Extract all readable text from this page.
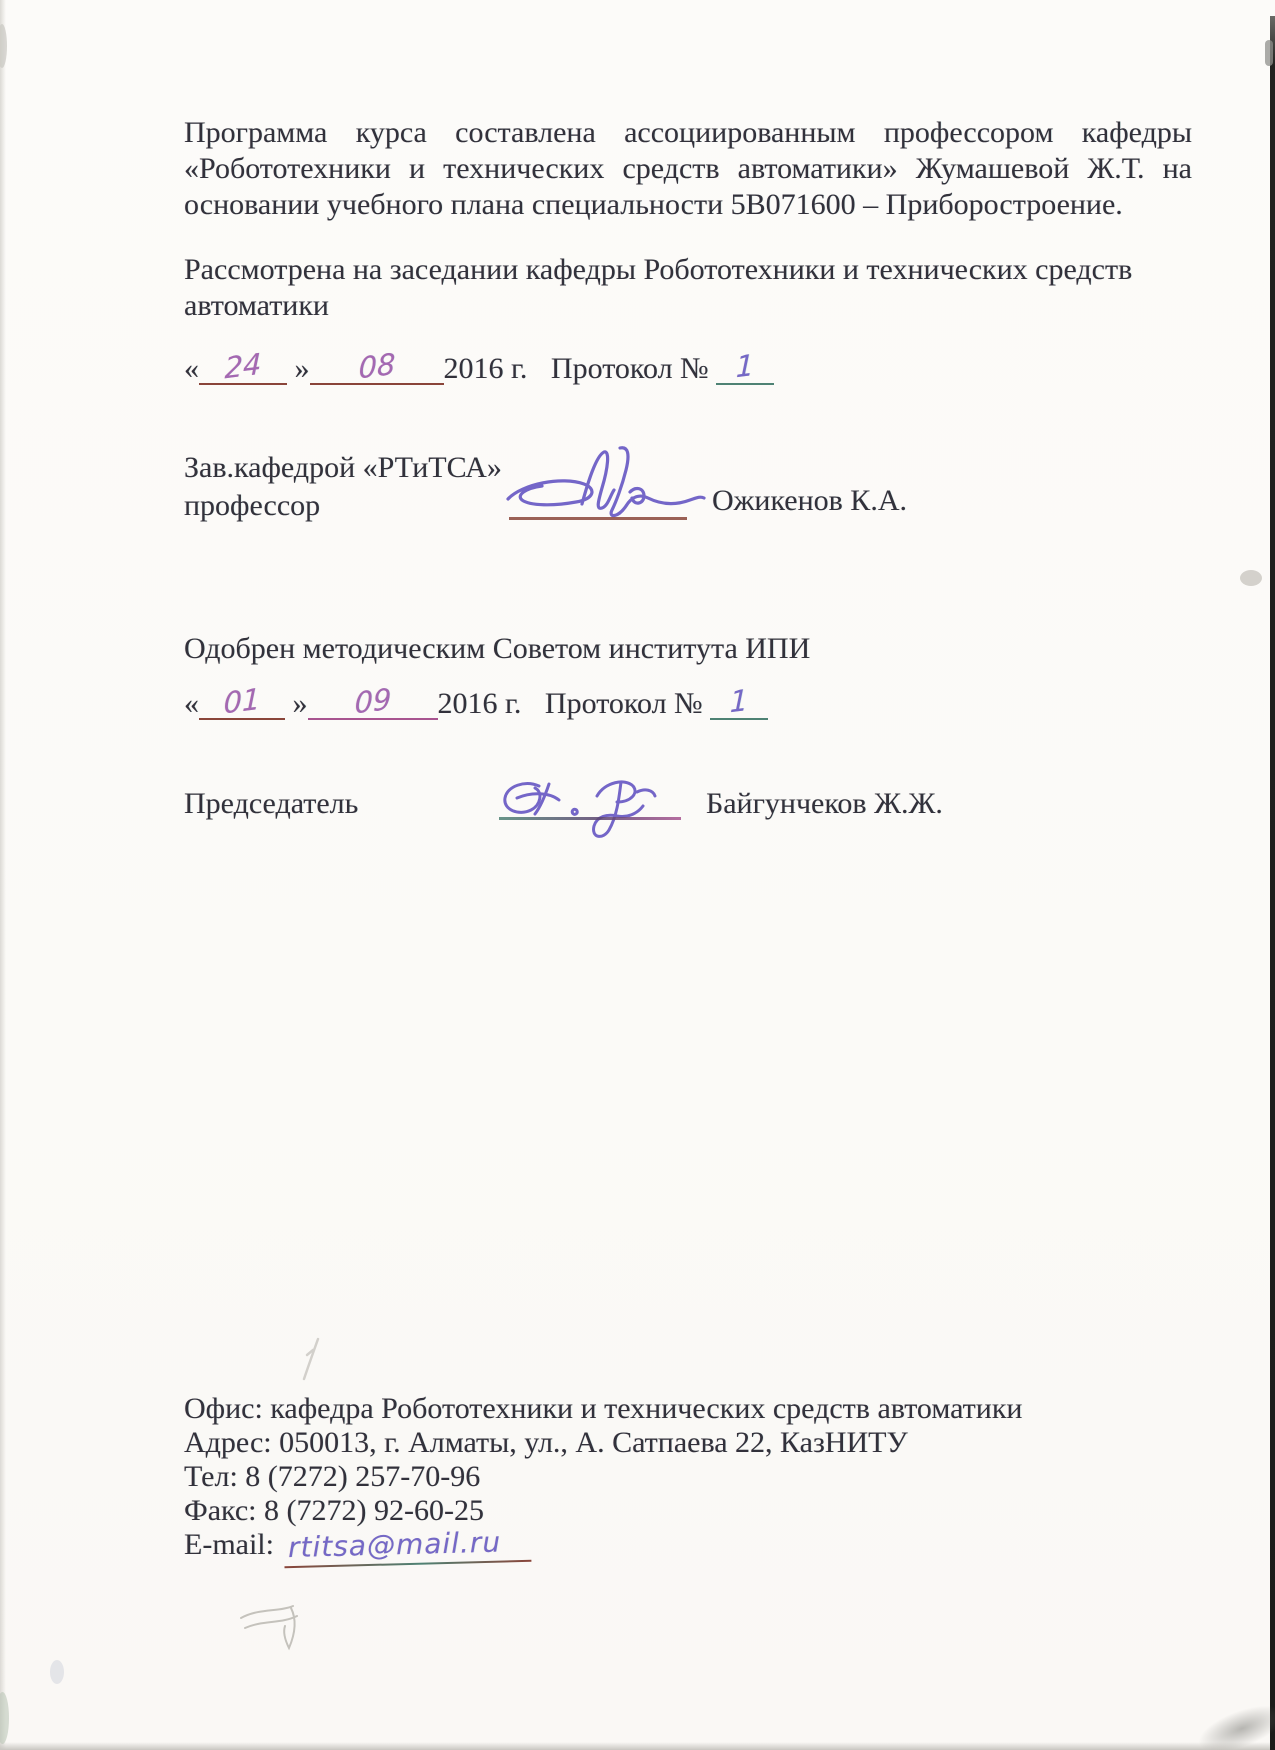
Программа курса составлена ассоциированным профессором кафедры
«Робототехники и технических средств автоматики» Жумашевой Ж.Т. на
основании учебного плана специальности 5В071600 – Приборостроение.
Рассмотрена на заседании кафедры Робототехники и технических средств
автоматики
« 24 » 08 2016 г. Протокол № 1
Зав.кафедрой «РТиТСА»
профессор	Ожикенов К.А.
Одобрен методическим Советом института ИПИ
« 01 » 09 2016 г. Протокол № 1
Председатель	Байгунчеков Ж.Ж.
Офис: кафедра Робототехники и технических средств автоматики
Адрес: 050013, г. Алматы, ул., А. Сатпаева 22, КазНИТУ
Тел: 8 (7272) 257-70-96
Факс: 8 (7272) 92-60-25
E-mail: rtitsa@mail.ru
